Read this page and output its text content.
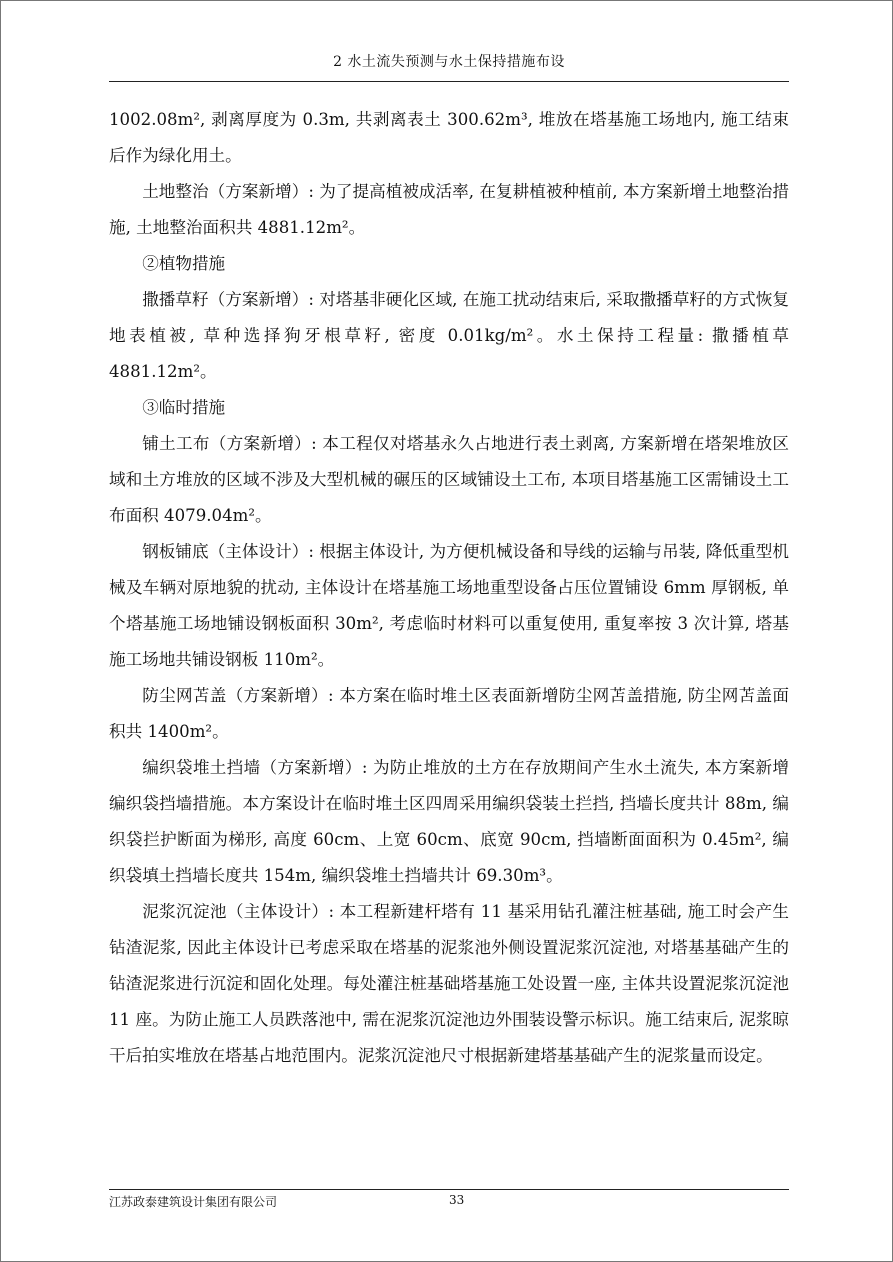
2 水土流失预测与水土保持措施布设

1002.08m², 剥离厚度为 0.3m, 共剥离表土 300.62m³, 堆放在塔基施工场地内, 施工结束后作为绿化用土。

土地整治（方案新增）: 为了提高植被成活率, 在复耕植被种植前, 本方案新增土地整治措施, 土地整治面积共 4881.12m²。

②植物措施

撒播草籽（方案新增）: 对塔基非硬化区域, 在施工扰动结束后, 采取撒播草籽的方式恢复地表植被, 草种选择狗牙根草籽, 密度 0.01kg/m²。水土保持工程量: 撒播植草 4881.12m²。

③临时措施

铺土工布（方案新增）: 本工程仅对塔基永久占地进行表土剥离, 方案新增在塔架堆放区域和土方堆放的区域不涉及大型机械的碾压的区域铺设土工布, 本项目塔基施工区需铺设土工布面积 4079.04m²。

钢板铺底（主体设计）: 根据主体设计, 为方便机械设备和导线的运输与吊装, 降低重型机械及车辆对原地貌的扰动, 主体设计在塔基施工场地重型设备占压位置铺设 6mm 厚钢板, 单个塔基施工场地铺设钢板面积 30m², 考虑临时材料可以重复使用, 重复率按 3 次计算, 塔基施工场地共铺设钢板 110m²。

防尘网苫盖（方案新增）: 本方案在临时堆土区表面新增防尘网苫盖措施, 防尘网苫盖面积共 1400m²。

编织袋堆土挡墙（方案新增）: 为防止堆放的土方在存放期间产生水土流失, 本方案新增编织袋挡墙措施。本方案设计在临时堆土区四周采用编织袋装土拦挡, 挡墙长度共计 88m, 编织袋拦护断面为梯形, 高度 60cm、上宽 60cm、底宽 90cm, 挡墙断面面积为 0.45m², 编织袋填土挡墙长度共 154m, 编织袋堆土挡墙共计 69.30m³。

泥浆沉淀池（主体设计）: 本工程新建杆塔有 11 基采用钻孔灌注桩基础, 施工时会产生钻渣泥浆, 因此主体设计已考虑采取在塔基的泥浆池外侧设置泥浆沉淀池, 对塔基基础产生的钻渣泥浆进行沉淀和固化处理。每处灌注桩基础塔基施工处设置一座, 主体共设置泥浆沉淀池 11 座。为防止施工人员跌落池中, 需在泥浆沉淀池边外围装设警示标识。施工结束后, 泥浆晾干后拍实堆放在塔基占地范围内。泥浆沉淀池尺寸根据新建塔基基础产生的泥浆量而设定。

江苏政泰建筑设计集团有限公司	33
